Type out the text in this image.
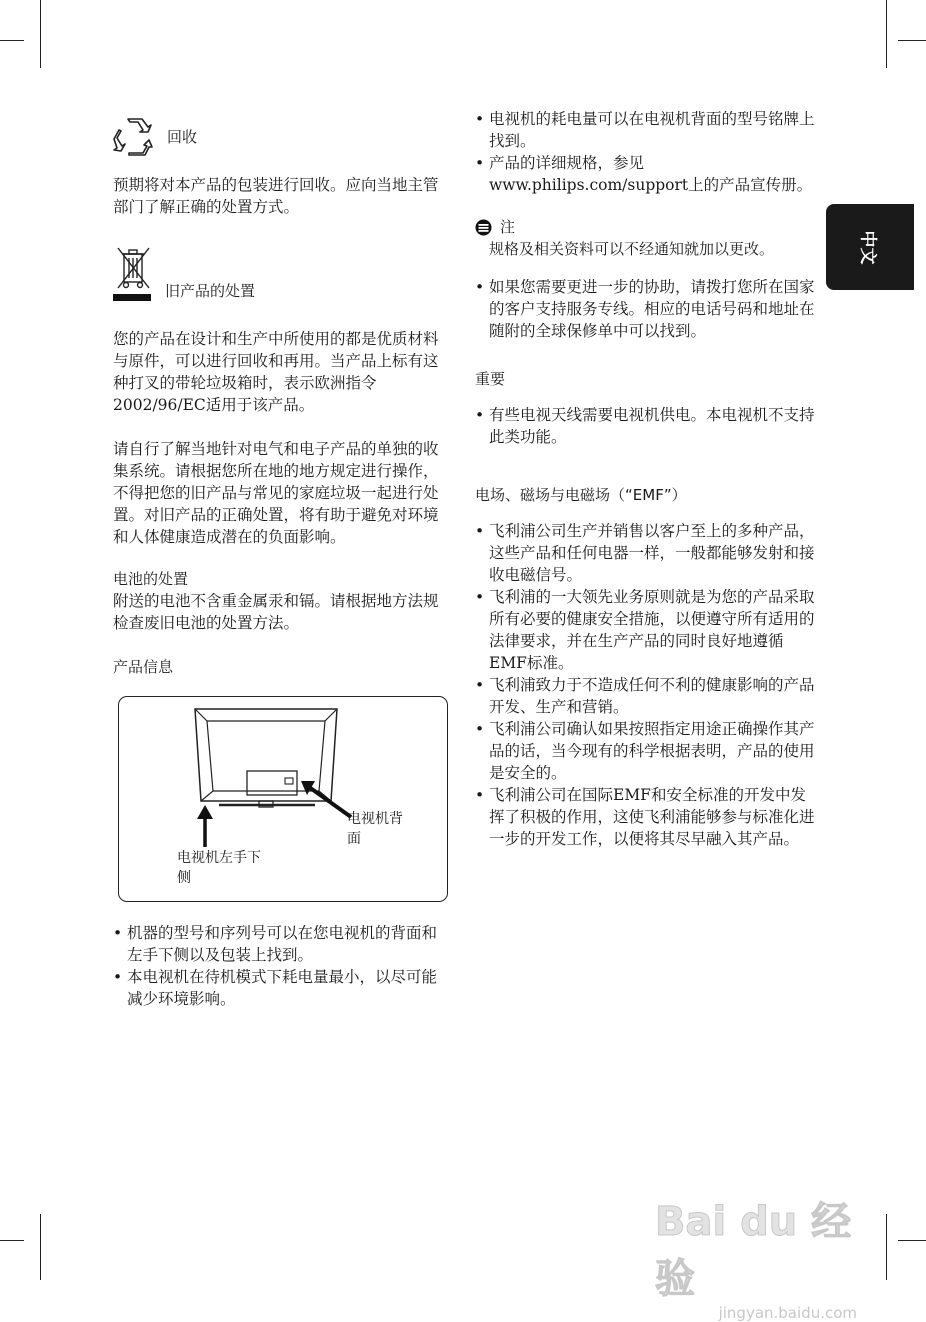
中文
回收

预期将对本产品的包装进行回收。应向当地主管部门了解正确的处置方式。

旧产品的处置

您的产品在设计和生产中所使用的都是优质材料与原件，可以进行回收和再用。当产品上标有这种打叉的带轮垃圾箱时，表示欧洲指令2002/96/EC适用于该产品。

请自行了解当地针对电气和电子产品的单独的收集系统。请根据您所在地的地方规定进行操作，不得把您的旧产品与常见的家庭垃圾一起进行处置。对旧产品的正确处置，将有助于避免对环境和人体健康造成潜在的负面影响。

电池的处置

附送的电池不含重金属汞和镉。请根据地方法规检查废旧电池的处置方法。

产品信息

电视机背面
电视机左手下侧
• 机器的型号和序列号可以在您电视机的背面和左手下侧以及包装上找到。
• 本电视机在待机模式下耗电量最小，以尽可能减少环境影响。
• 电视机的耗电量可以在电视机背面的型号铭牌上找到。
• 产品的详细规格，参见www.philips.com/support上的产品宣传册。
注

规格及相关资料可以不经通知就加以更改。

• 如果您需要更进一步的协助，请拨打您所在国家的客户支持服务专线。相应的电话号码和地址在随附的全球保修单中可以找到。

重要

• 有些电视天线需要电视机供电。本电视机不支持此类功能。

电场、磁场与电磁场（“EMF”）

• 飞利浦公司生产并销售以客户至上的多种产品，这些产品和任何电器一样，一般都能够发射和接收电磁信号。
• 飞利浦的一大领先业务原则就是为您的产品采取所有必要的健康安全措施，以便遵守所有适用的法律要求，并在生产产品的同时良好地遵循EMF标准。
• 飞利浦致力于不造成任何不利的健康影响的产品开发、生产和营销。
• 飞利浦公司确认如果按照指定用途正确操作其产品的话，当今现有的科学根据表明，产品的使用是安全的。
• 飞利浦公司在国际EMF和安全标准的开发中发挥了积极的作用，这使飞利浦能够参与标准化进一步的开发工作，以便将其尽早融入其产品。
Bai du 经验
jingyan.baidu.com
